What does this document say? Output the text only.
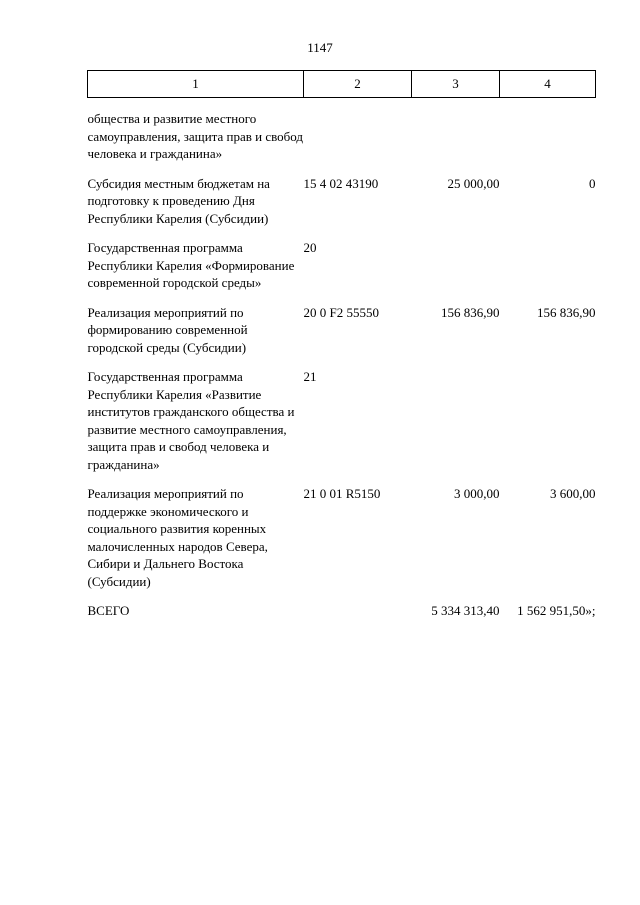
1147
1	2	3	4

общества и развитие местного самоуправления, защита прав и свобод человека и гражданина»			

Субсидия местным бюджетам на подготовку к проведению Дня Республики Карелия (Субсидии)	15 4 02 43190	25 000,00	0

Государственная программа Республики Карелия «Формирование современной городской среды»	20		

Реализация мероприятий по формированию современной городской среды (Субсидии)	20 0 F2 55550	156 836,90	156 836,90

Государственная программа Республики Карелия «Развитие институтов гражданского общества и развитие местного самоуправления, защита прав и свобод человека и гражданина»	21		

Реализация мероприятий по поддержке экономического и социального развития коренных малочисленных народов Севера, Сибири и Дальнего Востока (Субсидии)	21 0 01 R5150	3 000,00	3 600,00

ВСЕГО		5 334 313,40	1 562 951,50»;
